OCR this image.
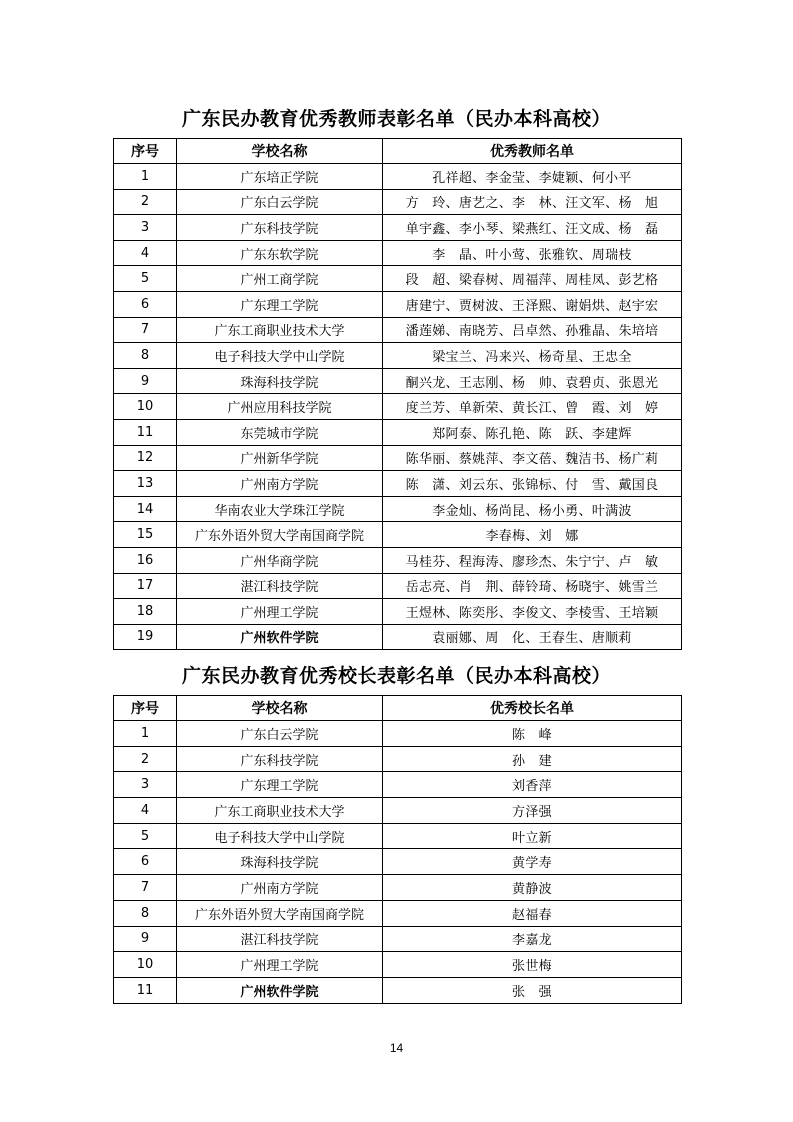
广东民办教育优秀教师表彰名单（民办本科高校）
序号	学校名称	优秀教师名单
1	广东培正学院	孔祥超、李金莹、李婕颖、何小平
2	广东白云学院	方　玲、唐艺之、李　林、汪文军、杨　旭
3	广东科技学院	单宇鑫、李小琴、梁燕红、汪文成、杨　磊
4	广东东软学院	李　晶、叶小莺、张雅钦、周瑞枝
5	广州工商学院	段　超、梁春树、周福萍、周桂凤、彭艺格
6	广东理工学院	唐建宁、贾树波、王泽熙、谢娟烘、赵宇宏
7	广东工商职业技术大学	潘莲娣、南晓芳、吕卓然、孙雅晶、朱培培
8	电子科技大学中山学院	梁宝兰、冯来兴、杨奇星、王忠全
9	珠海科技学院	酮兴龙、王志刚、杨　帅、袁碧贞、张恩光
10	广州应用科技学院	度兰芳、单新荣、黄长江、曾　霞、刘　婷
11	东莞城市学院	郑阿泰、陈孔艳、陈　跃、李建辉
12	广州新华学院	陈华丽、蔡姚萍、李文蓓、魏洁书、杨广莉
13	广州南方学院	陈　潇、刘云东、张锦标、付　雪、戴国良
14	华南农业大学珠江学院	李金灿、杨尚昆、杨小勇、叶满波
15	广东外语外贸大学南国商学院	李春梅、刘　娜
16	广州华商学院	马桂芬、程海涛、廖珍杰、朱宁宁、卢　敏
17	湛江科技学院	岳志亮、肖　荆、薛铃琦、杨晓宇、姚雪兰
18	广州理工学院	王煜林、陈奕彤、李俊文、李棱雪、王培颖
19	广州软件学院	袁丽娜、周　化、王春生、唐顺莉
广东民办教育优秀校长表彰名单（民办本科高校）
序号	学校名称	优秀校长名单
1	广东白云学院	陈　峰
2	广东科技学院	孙　建
3	广东理工学院	刘香萍
4	广东工商职业技术大学	方泽强
5	电子科技大学中山学院	叶立新
6	珠海科技学院	黄学寿
7	广州南方学院	黄静波
8	广东外语外贸大学南国商学院	赵福春
9	湛江科技学院	李嘉龙
10	广州理工学院	张世梅
11	广州软件学院	张　强
14
